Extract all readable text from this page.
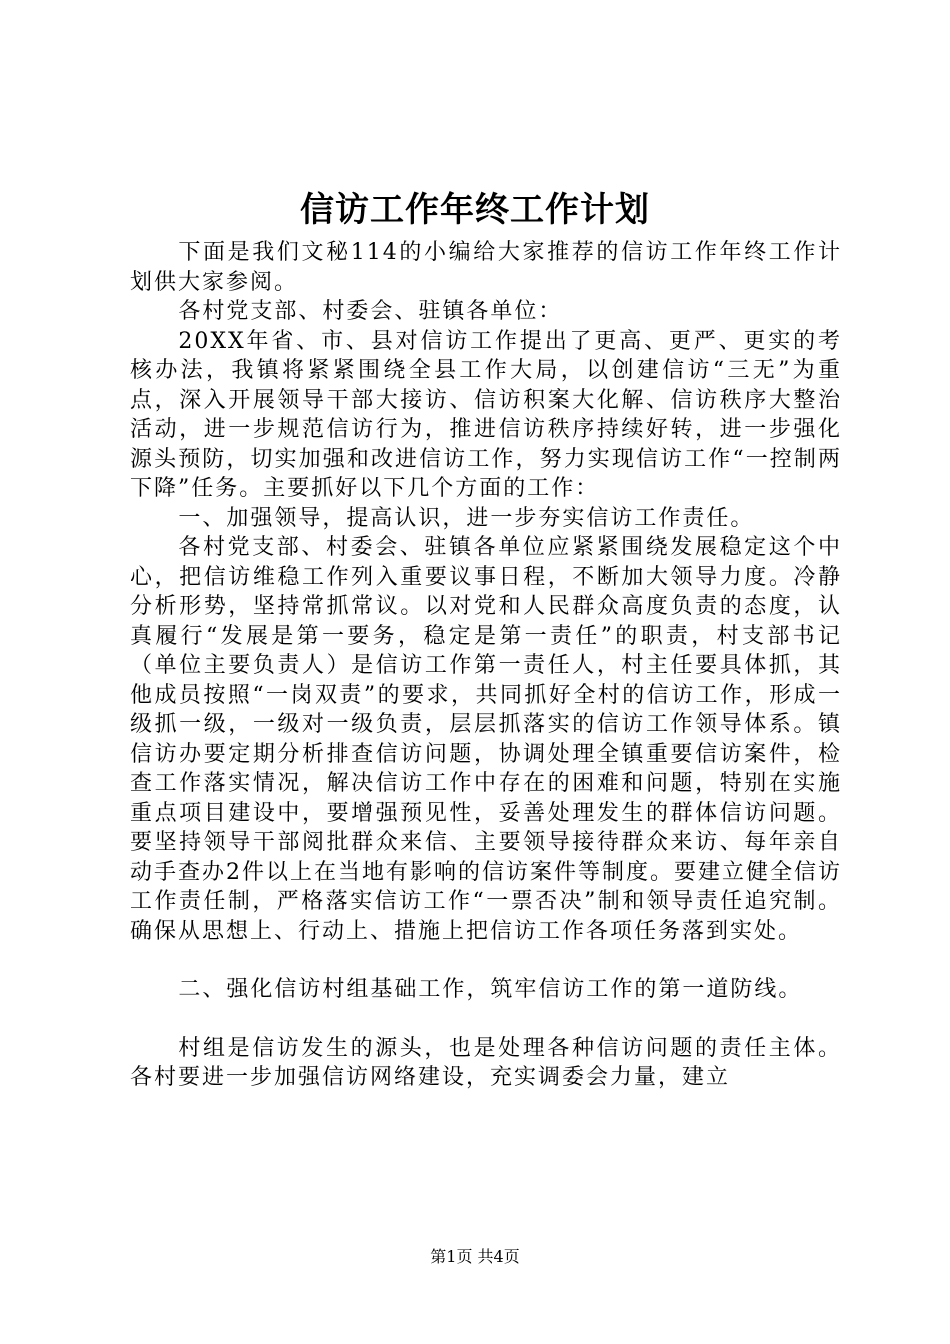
信访工作年终工作计划

下面是我们文秘114的小编给大家推荐的信访工作年终工作计划供大家参阅。

各村党支部、村委会、驻镇各单位：

20XX年省、市、县对信访工作提出了更高、更严、更实的考核办法，我镇将紧紧围绕全县工作大局，以创建信访“三无”为重点，深入开展领导干部大接访、信访积案大化解、信访秩序大整治活动，进一步规范信访行为，推进信访秩序持续好转，进一步强化源头预防，切实加强和改进信访工作，努力实现信访工作“一控制两下降”任务。主要抓好以下几个方面的工作：

一、加强领导，提高认识，进一步夯实信访工作责任。

各村党支部、村委会、驻镇各单位应紧紧围绕发展稳定这个中心，把信访维稳工作列入重要议事日程，不断加大领导力度。冷静分析形势，坚持常抓常议。以对党和人民群众高度负责的态度，认真履行“发展是第一要务，稳定是第一责任”的职责，村支部书记（单位主要负责人）是信访工作第一责任人，村主任要具体抓，其他成员按照“一岗双责”的要求，共同抓好全村的信访工作，形成一级抓一级，一级对一级负责，层层抓落实的信访工作领导体系。镇信访办要定期分析排查信访问题，协调处理全镇重要信访案件，检查工作落实情况，解决信访工作中存在的困难和问题，特别在实施重点项目建设中，要增强预见性，妥善处理发生的群体信访问题。要坚持领导干部阅批群众来信、主要领导接待群众来访、每年亲自动手查办2件以上在当地有影响的信访案件等制度。要建立健全信访工作责任制，严格落实信访工作“一票否决”制和领导责任追究制。确保从思想上、行动上、措施上把信访工作各项任务落到实处。

二、强化信访村组基础工作，筑牢信访工作的第一道防线。

村组是信访发生的源头，也是处理各种信访问题的责任主体。各村要进一步加强信访网络建设，充实调委会力量，建立

第1页 共4页
